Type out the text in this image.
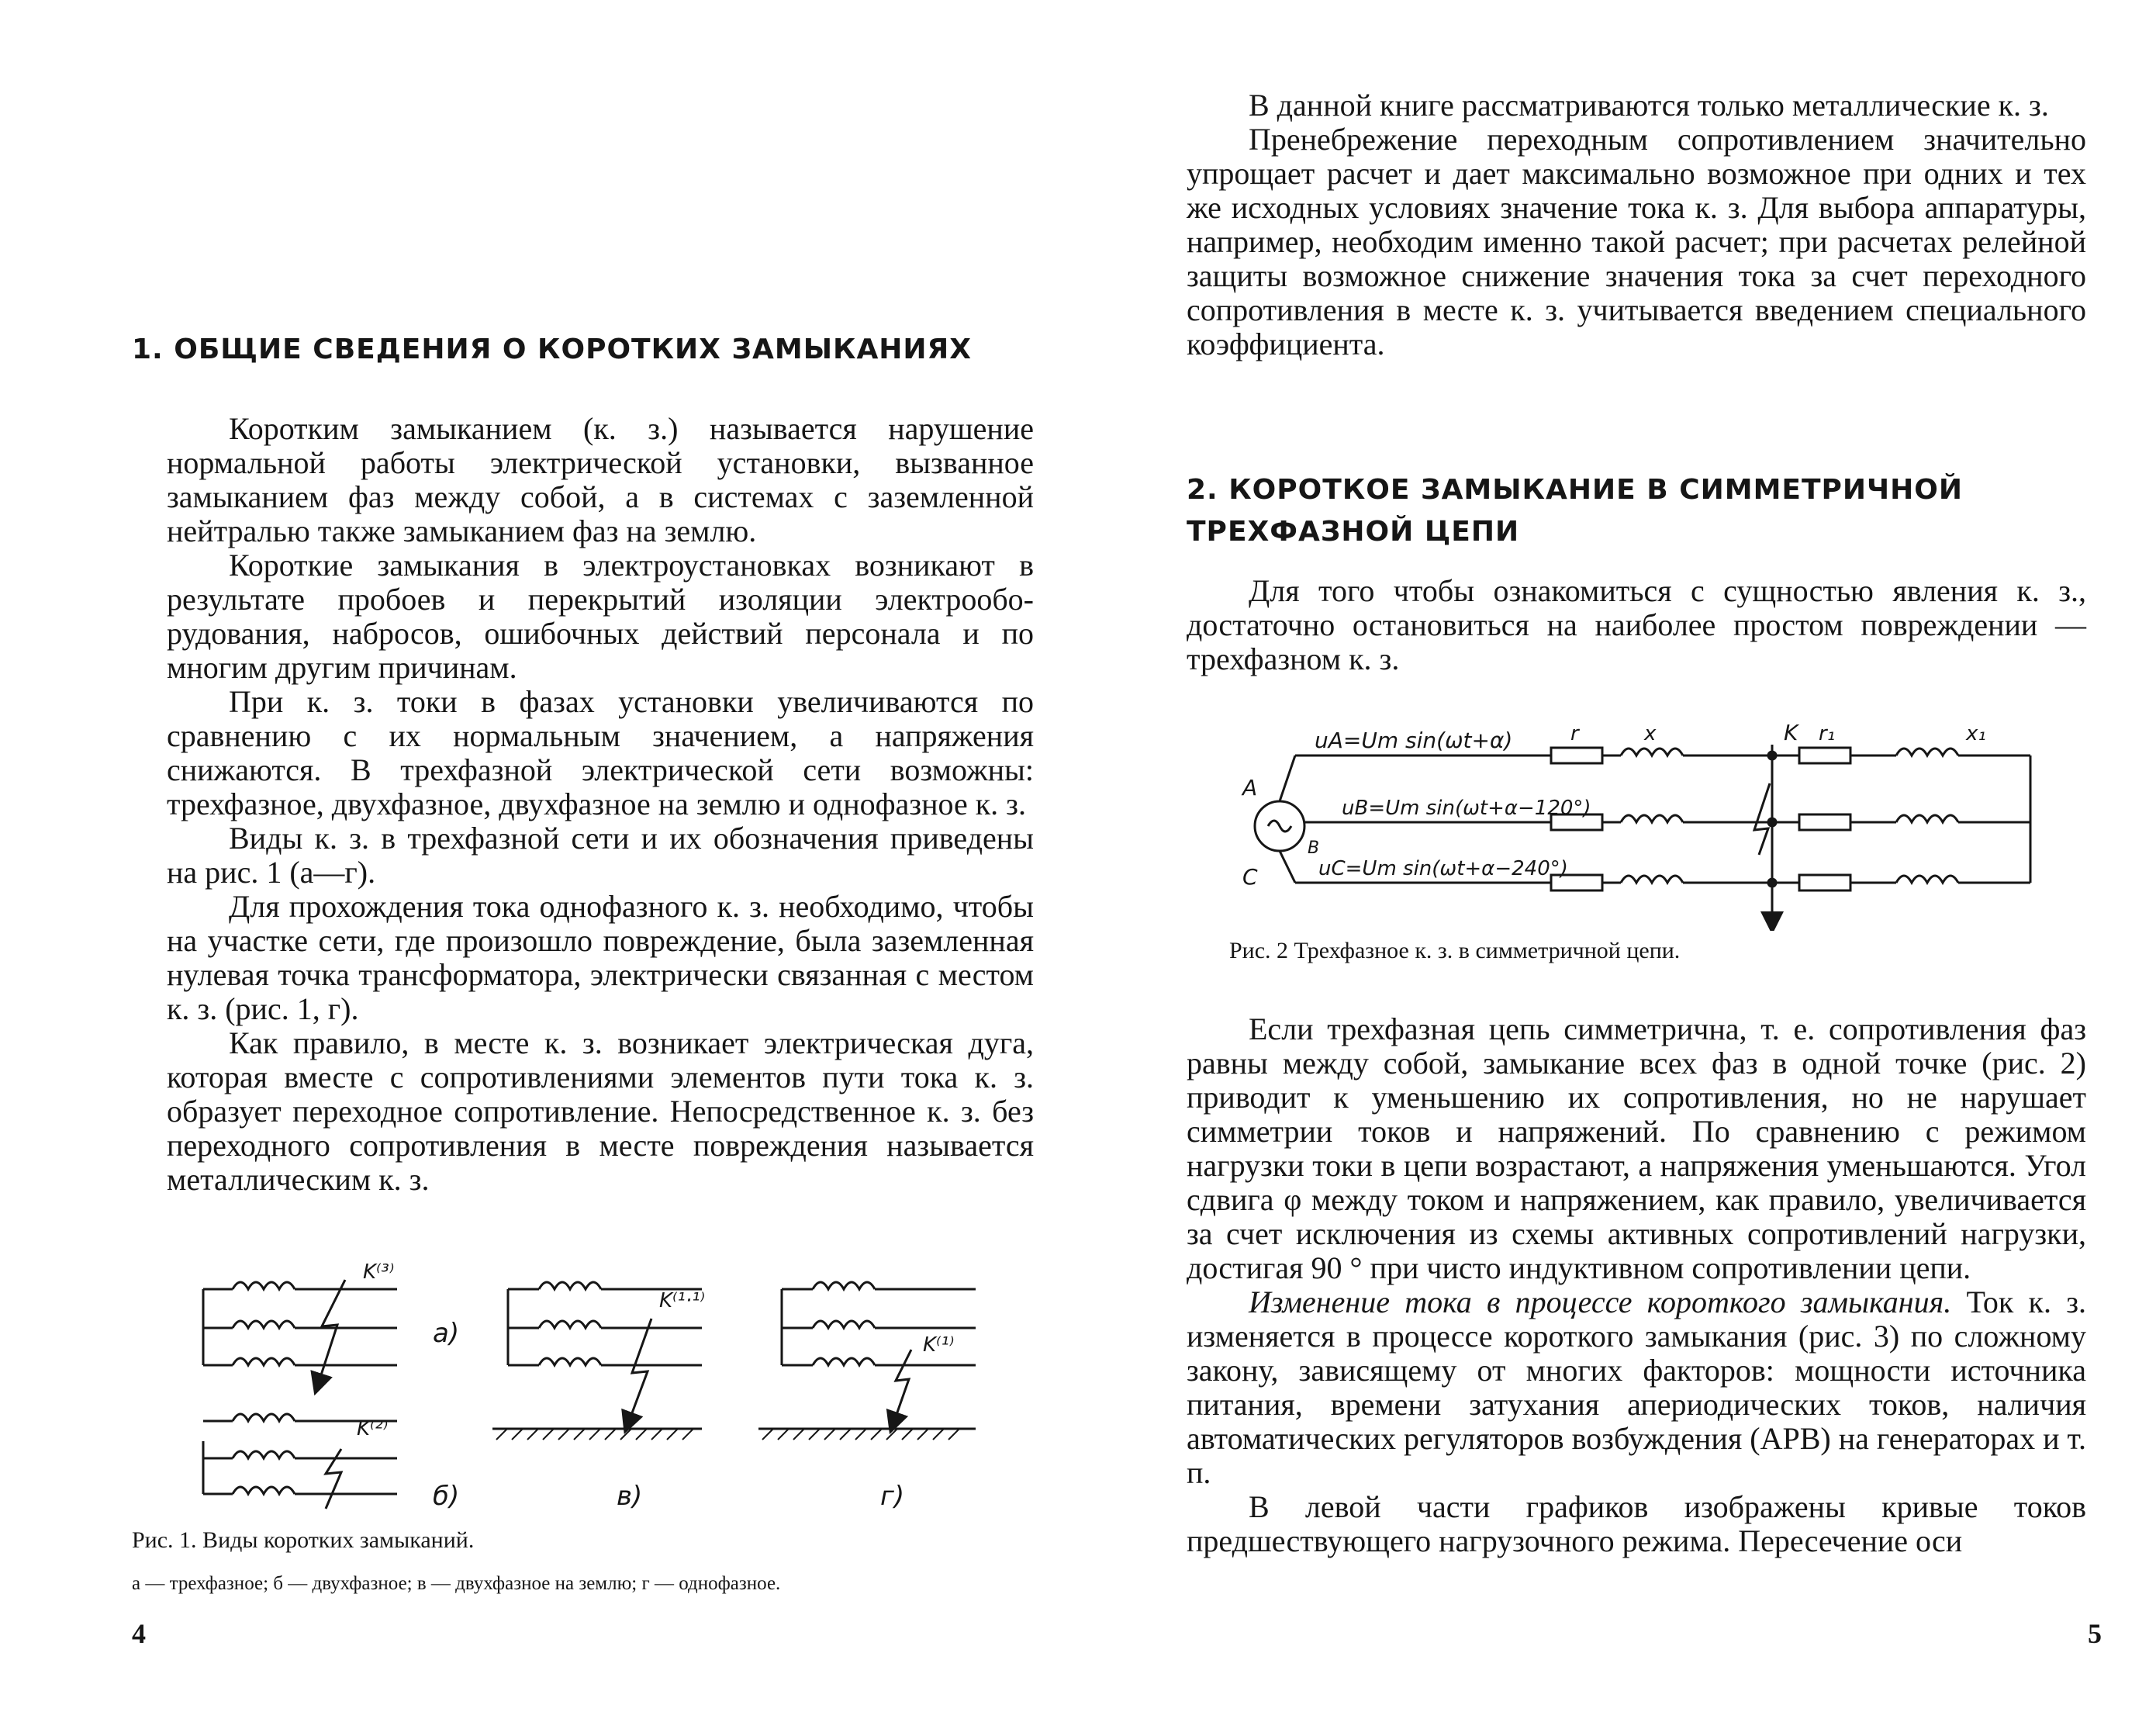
1. ОБЩИЕ СВЕДЕНИЯ О КОРОТКИХ ЗАМЫКАНИЯХ

Коротким замыканием (к. з.) называется нарушение нормальной работы электрической установки, вызванное замыканием фаз между собой, а в системах с заземленной нейтралью также замыканием фаз на землю.

Короткие замыкания в электроустановках возникают в результате пробоев и перекрытий изоляции электрооборудования, набросов, ошибочных действий персонала и по многим другим причинам.

При к. з. токи в фазах установки увеличиваются по сравнению с их нормальным значением, а напряжения снижаются. В трехфазной электрической сети возможны: трехфазное, двухфазное, двухфазное на землю и однофазное к. з.

Виды к. з. в трехфазной сети и их обозначения приведены на рис. 1 (а—г).

Для прохождения тока однофазного к. з. необходимо, чтобы на участке сети, где произошло повреждение, была заземленная нулевая точка трансформатора, электрически связанная с местом к. з. (рис. 1, г).

Как правило, в месте к. з. возникает электрическая дуга, которая вместе с сопротивлениями элементов пути тока к. з. образует переходное сопротивление. Непосредственное к. з. без переходного сопротивления в месте повреждения называется металлическим к. з.

K⁽³⁾
а)
K⁽²⁾
б)
K⁽¹·¹⁾
в)
K⁽¹⁾
г)

Рис. 1. Виды коротких замыканий.

а — трехфазное; б — двухфазное; в — двухфазное на землю; г — однофазное.

4

В данной книге рассматриваются только металлические к. з.

Пренебрежение переходным сопротивлением значительно упрощает расчет и дает максимально возможное при одних и тех же исходных условиях значение тока к. з. Для выбора аппаратуры, например, необходим именно такой расчет; при расчетах релейной защиты возможное снижение значения тока за счет переходного сопротивления в месте к. з. учитывается введением специального коэффициента.

2. КОРОТКОЕ ЗАМЫКАНИЕ В СИММЕТРИЧНОЙ
ТРЕХФАЗНОЙ ЦЕПИ

Для того чтобы ознакомиться с сущностью явления к. з., достаточно остановиться на наиболее простом повреждении — трехфазном к. з.

uA=Um sin(ωt+α)
uB=Um sin(ωt+α−120°)
uC=Um sin(ωt+α−240°)
A
B
C
r	x	K r₁	x₁

Рис. 2 Трехфазное к. з. в симметричной цепи.

Если трехфазная цепь симметрична, т. е. сопротивления фаз равны между собой, замыкание всех фаз в одной точке (рис. 2) приводит к уменьшению их сопротивления, но не нарушает симметрии токов и напряжений. По сравнению с режимом нагрузки токи в цепи возрастают, а напряжения уменьшаются. Угол сдвига φ между током и напряжением, как правило, увеличивается за счет исключения из схемы активных сопротивлений нагрузки, достигая 90 ° при чисто индуктивном сопротивлении цепи.

Изменение тока в процессе короткого замыкания. Ток к. з. изменяется в процессе короткого замыкания (рис. 3) по сложному закону, зависящему от многих факторов: мощности источника питания, времени затухания апериодических токов, наличия автоматических регуляторов возбуждения (АРВ) на генераторах и т. п.

В левой части графиков изображены кривые токов предшествующего нагрузочного режима. Пересечение оси

5
